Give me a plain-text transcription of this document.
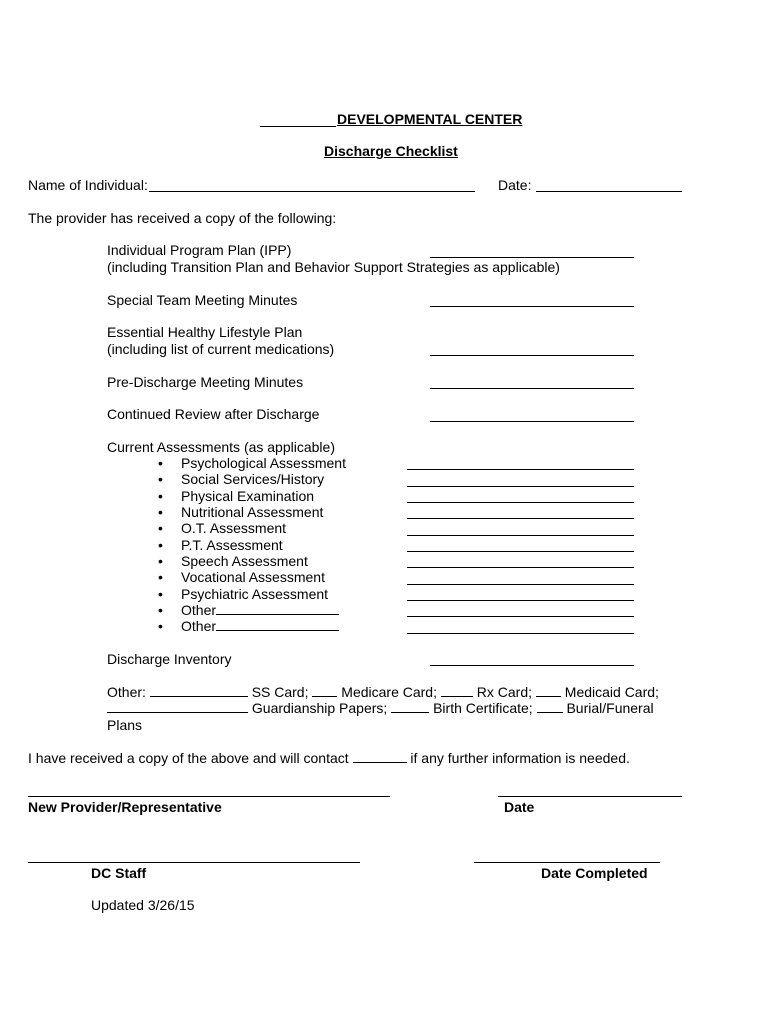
DEVELOPMENTAL CENTER
Discharge Checklist
Name of Individual:	Date:
The provider has received a copy of the following:
Individual Program Plan (IPP)
(including Transition Plan and Behavior Support Strategies as applicable)
Special Team Meeting Minutes
Essential Healthy Lifestyle Plan
(including list of current medications)
Pre-Discharge Meeting Minutes
Continued Review after Discharge
Current Assessments (as applicable)
• Psychological Assessment
• Social Services/History
• Physical Examination
• Nutritional Assessment
• O.T. Assessment
• P.T. Assessment
• Speech Assessment
• Vocational Assessment
• Psychiatric Assessment
• Other
• Other
Discharge Inventory
Other:	SS Card; Medicare Card;	Rx Card; Medicaid Card;
Guardianship Papers;	Birth Certificate; Burial/Funeral
Plans
I have received a copy of the above and will contact	if any further information is needed.
New Provider/Representative	Date
DC Staff	Date Completed
Updated 3/26/15
